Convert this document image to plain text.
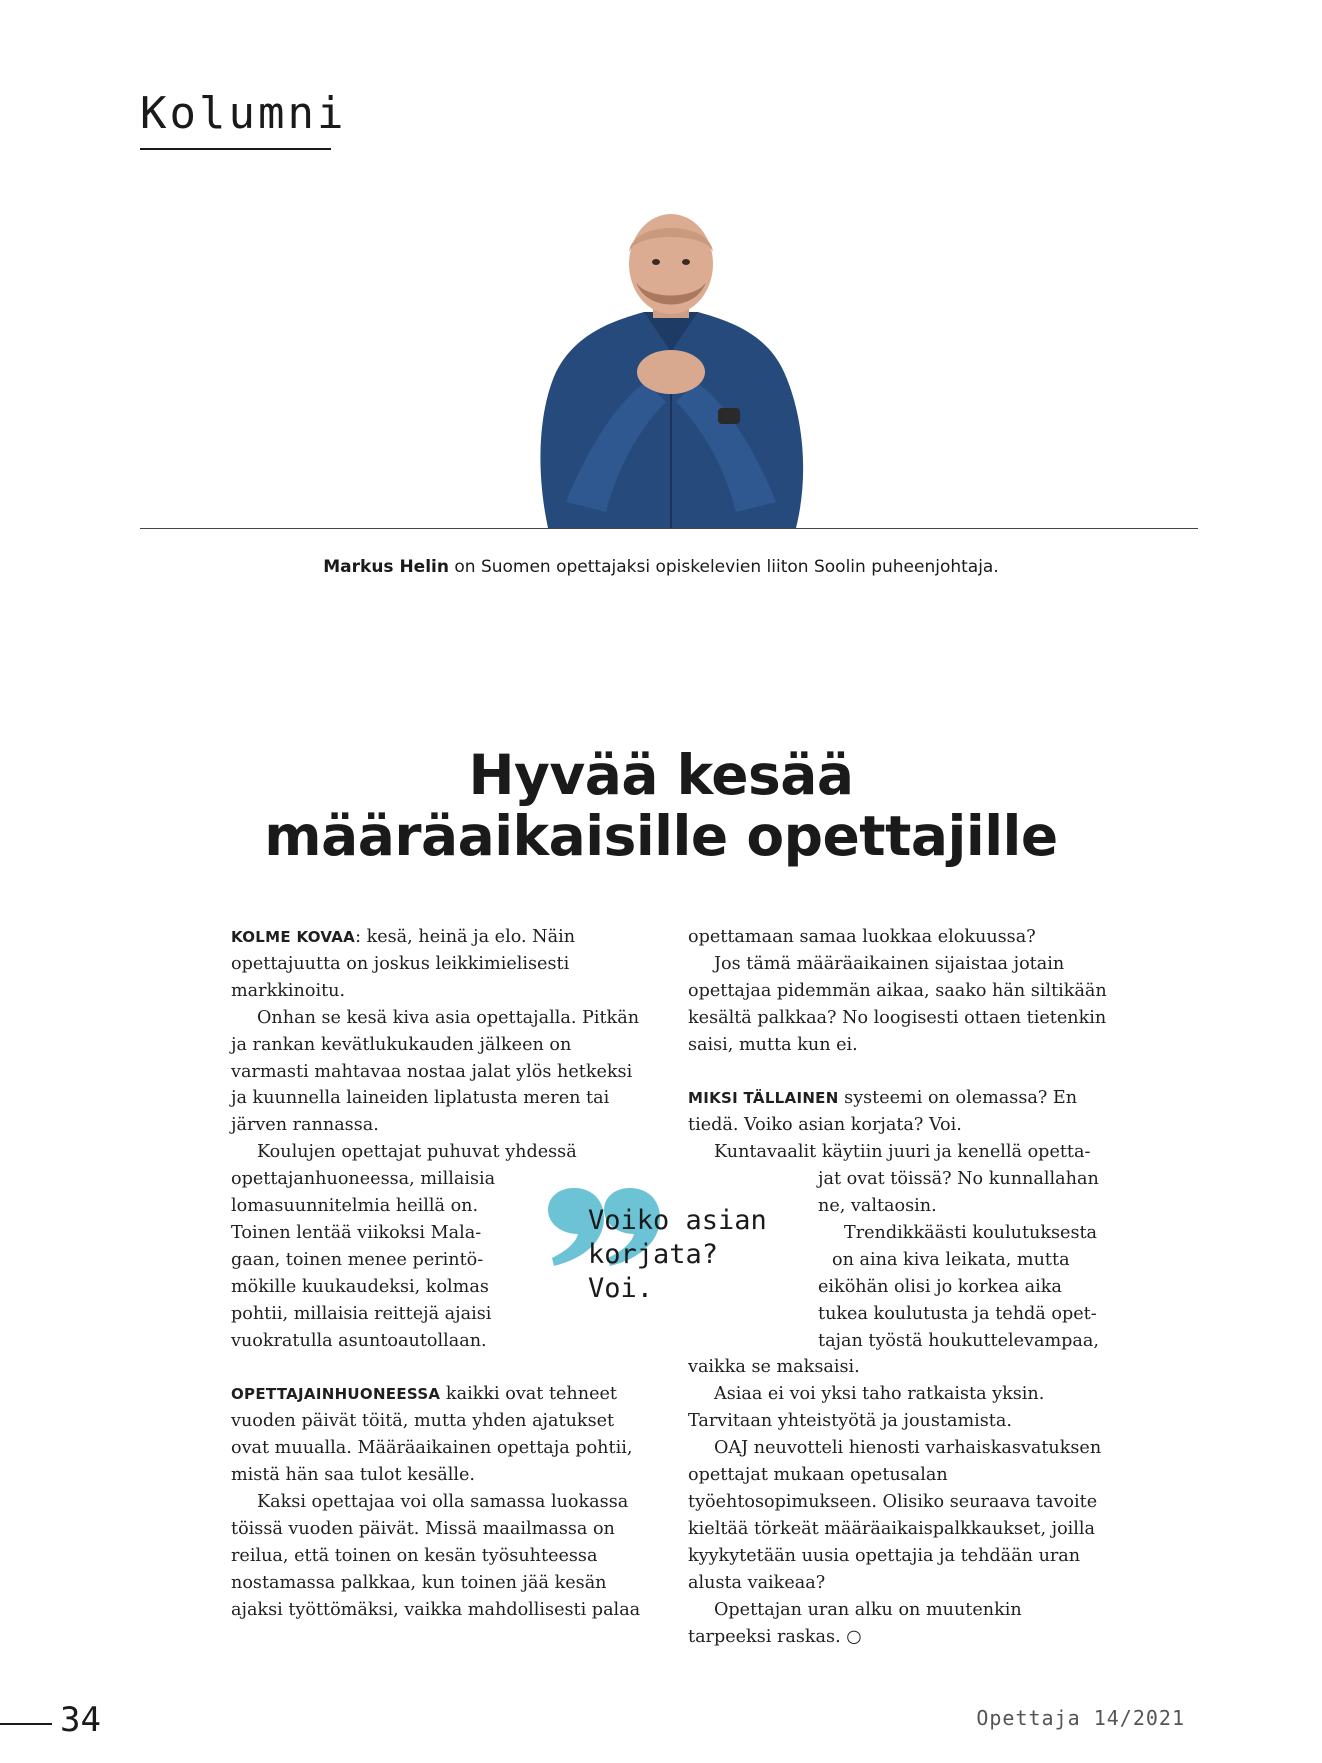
Kolumni
Markus Helin on Suomen opettajaksi opiskelevien liiton Soolin puheenjohtaja.
Hyvää kesää
määräaikaisille opettajille

KOLME KOVAA: kesä, heinä ja elo. Näin opettajuutta on joskus leikkimielisesti markkinoitu.

Onhan se kesä kiva asia opettajalla. Pitkän ja rankan kevätlukukauden jälkeen on varmasti mahtavaa nostaa jalat ylös hetkeksi ja kuunnella laineiden liplatusta meren tai järven rannassa.

Koulujen opettajat puhuvat yhdessä

opettajanhuoneessa, millaisia

lomasuunnitelmia heillä on.

Toinen lentää viikoksi Mala-

gaan, toinen menee perintö-

mökille kuukaudeksi, kolmas

pohtii, millaisia reittejä ajaisi

vuokratulla asuntoautollaan.

OPETTAJAINHUONEESSA kaikki ovat tehneet vuoden päivät töitä, mutta yhden ajatukset ovat muualla. Määräaikainen opettaja pohtii, mistä hän saa tulot kesälle.

Kaksi opettajaa voi olla samassa luokassa töissä vuoden päivät. Missä maailmassa on reilua, että toinen on kesän työsuhteessa nostamassa palkkaa, kun toinen jää kesän ajaksi työttömäksi, vaikka mahdollisesti palaa

opettamaan samaa luokkaa elokuussa?

Jos tämä määräaikainen sijaistaa jotain opettajaa pidemmän aikaa, saako hän siltikään kesältä palkkaa? No loogisesti ottaen tietenkin saisi, mutta kun ei.

MIKSI TÄLLAINEN systeemi on olemassa? En tiedä. Voiko asian korjata? Voi.

Kuntavaalit käytiin juuri ja kenellä opetta-

jat ovat töissä? No kunnallahan

ne, valtaosin.

Trendikkäästi koulutuksesta

on aina kiva leikata, mutta

eiköhän olisi jo korkea aika

tukea koulutusta ja tehdä opet-

tajan työstä houkuttelevampaa,

vaikka se maksaisi.

Asiaa ei voi yksi taho ratkaista yksin. Tarvitaan yhteistyötä ja joustamista.

OAJ neuvotteli hienosti varhaiskasvatuksen opettajat mukaan opetusalan työehtosopimukseen. Olisiko seuraava tavoite kieltää törkeät määräaikaispalkkaukset, joilla kyykytetään uusia opettajia ja tehdään uran alusta vaikeaa?

Opettajan uran alku on muutenkin tarpeeksi raskas. ○

Voiko asian
korjata?
Voi.
34	Opettaja 14/2021
